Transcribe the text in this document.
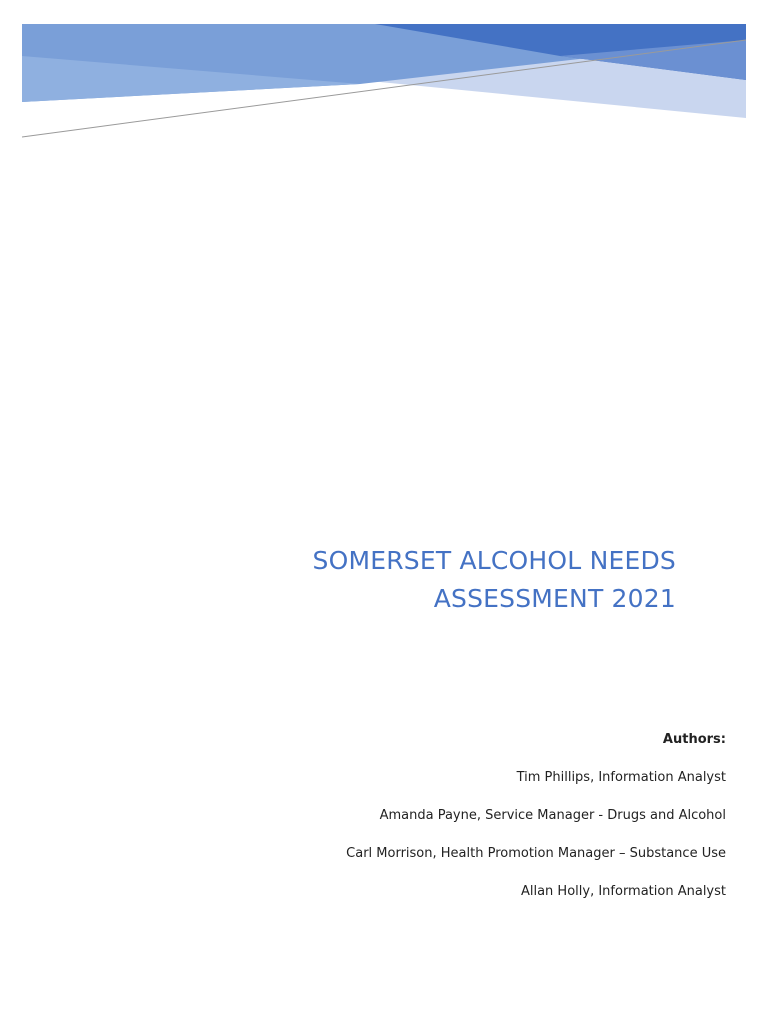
SOMERSET ALCOHOL NEEDS
ASSESSMENT 2021

Authors:

Tim Phillips, Information Analyst

Amanda Payne, Service Manager - Drugs and Alcohol

Carl Morrison, Health Promotion Manager – Substance Use

Allan Holly, Information Analyst
